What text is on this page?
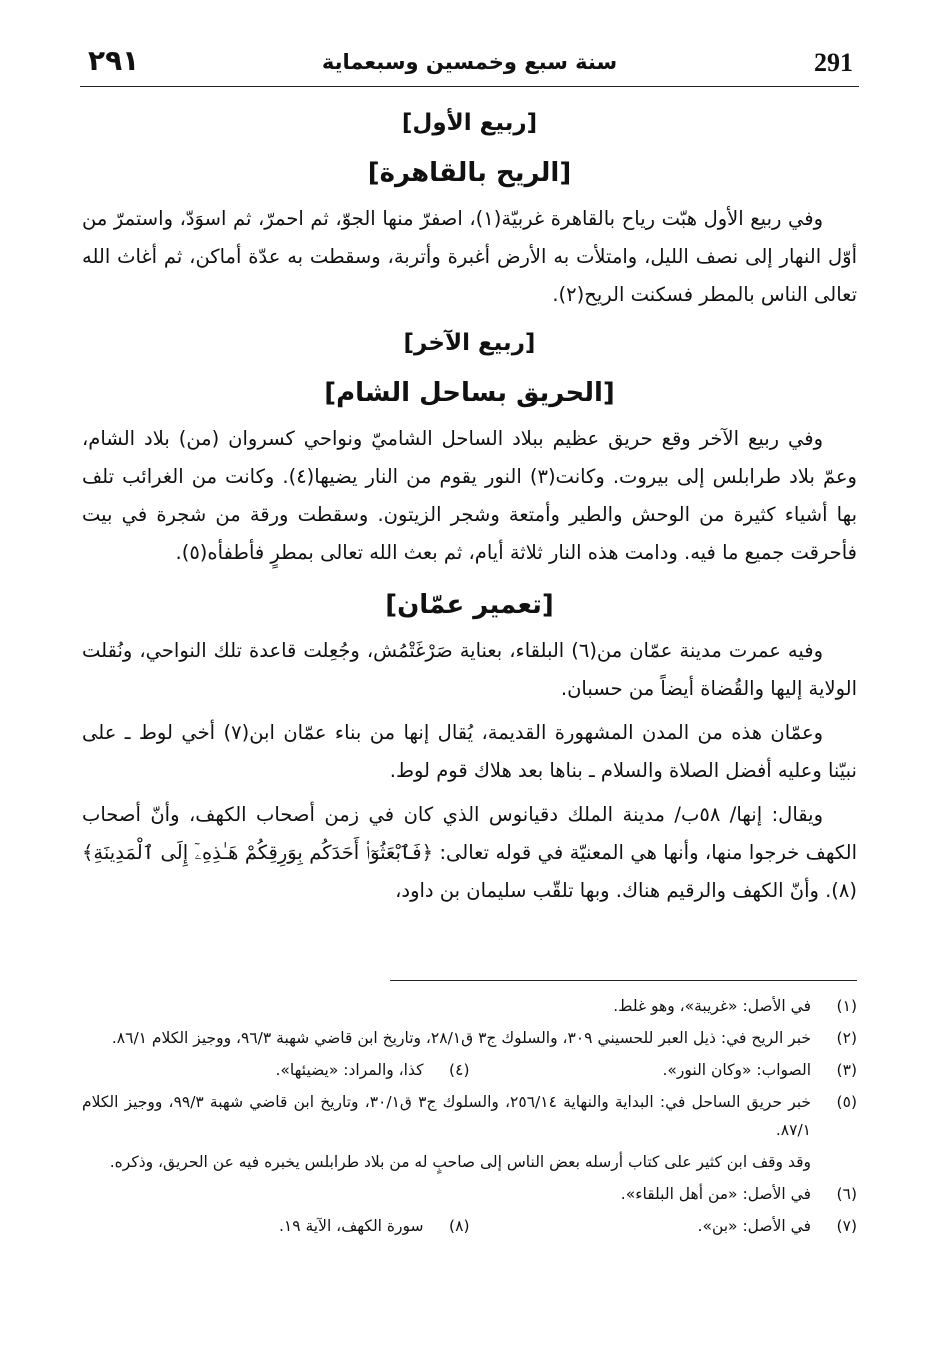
291
سنة سبع وخمسين وسبعماية
٢٩١
[ربيع الأول]
[الريح بالقاهرة]

وفي ربيع الأول هبّت رياح بالقاهرة غربيّة(١)، اصفرّ منها الجوّ، ثم احمرّ، ثم اسوَدّ، واستمرّ من أوّل النهار إلى نصف الليل، وامتلأت به الأرض أغبرة وأتربة، وسقطت به عدّة أماكن، ثم أغاث الله تعالى الناس بالمطر فسكنت الريح(٢).

[ربيع الآخر]
[الحريق بساحل الشام]

وفي ربيع الآخر وقع حريق عظيم ببلاد الساحل الشاميّ ونواحي كسروان (من) بلاد الشام، وعمّ بلاد طرابلس إلى بيروت. وكانت(٣) النور يقوم من النار يضيها(٤). وكانت من الغرائب تلف بها أشياء كثيرة من الوحش والطير وأمتعة وشجر الزيتون. وسقطت ورقة من شجرة في بيت فأحرقت جميع ما فيه. ودامت هذه النار ثلاثة أيام، ثم بعث الله تعالى بمطرٍ فأطفأه(٥).

[تعمير عمّان]

وفيه عمرت مدينة عمّان من(٦) البلقاء، بعناية صَرْغَتْمُش، وجُعِلت قاعدة تلك النواحي، ونُقلت الولاية إليها والقُضاة أيضاً من حسبان.

وعمّان هذه من المدن المشهورة القديمة، يُقال إنها من بناء عمّان ابن(٧) أخي لوط ـ على نبيّنا وعليه أفضل الصلاة والسلام ـ بناها بعد هلاك قوم لوط.

ويقال: إنها/ ٥٨ب/ مدينة الملك دقيانوس الذي كان في زمن أصحاب الكهف، وأنّ أصحاب الكهف خرجوا منها، وأنها هي المعنيّة في قوله تعالى: ﴿فَٱبْعَثُوٓا۟ أَحَدَكُم بِوَرِقِكُمْ هَـٰذِهِۦٓ إِلَى ٱلْمَدِينَةِ﴾(٨). وأنّ الكهف والرقيم هناك. وبها تلقّب سليمان بن داود،

(١)
في الأصل: «غريبة»، وهو غلط.
(٢)
خبر الريح في: ذيل العبر للحسيني ٣٠٩، والسلوك ج٣ ق٢٨/١، وتاريخ ابن قاضي شهبة ٩٦/٣، ووجيز الكلام ٨٦/١.
(٣)
الصواب: «وكان النور».
(٤)
كذا، والمراد: «يضيئها».
(٥)
خبر حريق الساحل في: البداية والنهاية ٢٥٦/١٤، والسلوك ج٣ ق٣٠/١، وتاريخ ابن قاضي شهبة ٩٩/٣، ووجيز الكلام ٨٧/١.
وقد وقف ابن كثير على كتاب أرسله بعض الناس إلى صاحبٍ له من بلاد طرابلس يخبره فيه عن الحريق، وذكره.
(٦)
في الأصل: «من أهل البلقاء».
(٧)
في الأصل: «بن».
(٨)
سورة الكهف، الآية ١٩.
